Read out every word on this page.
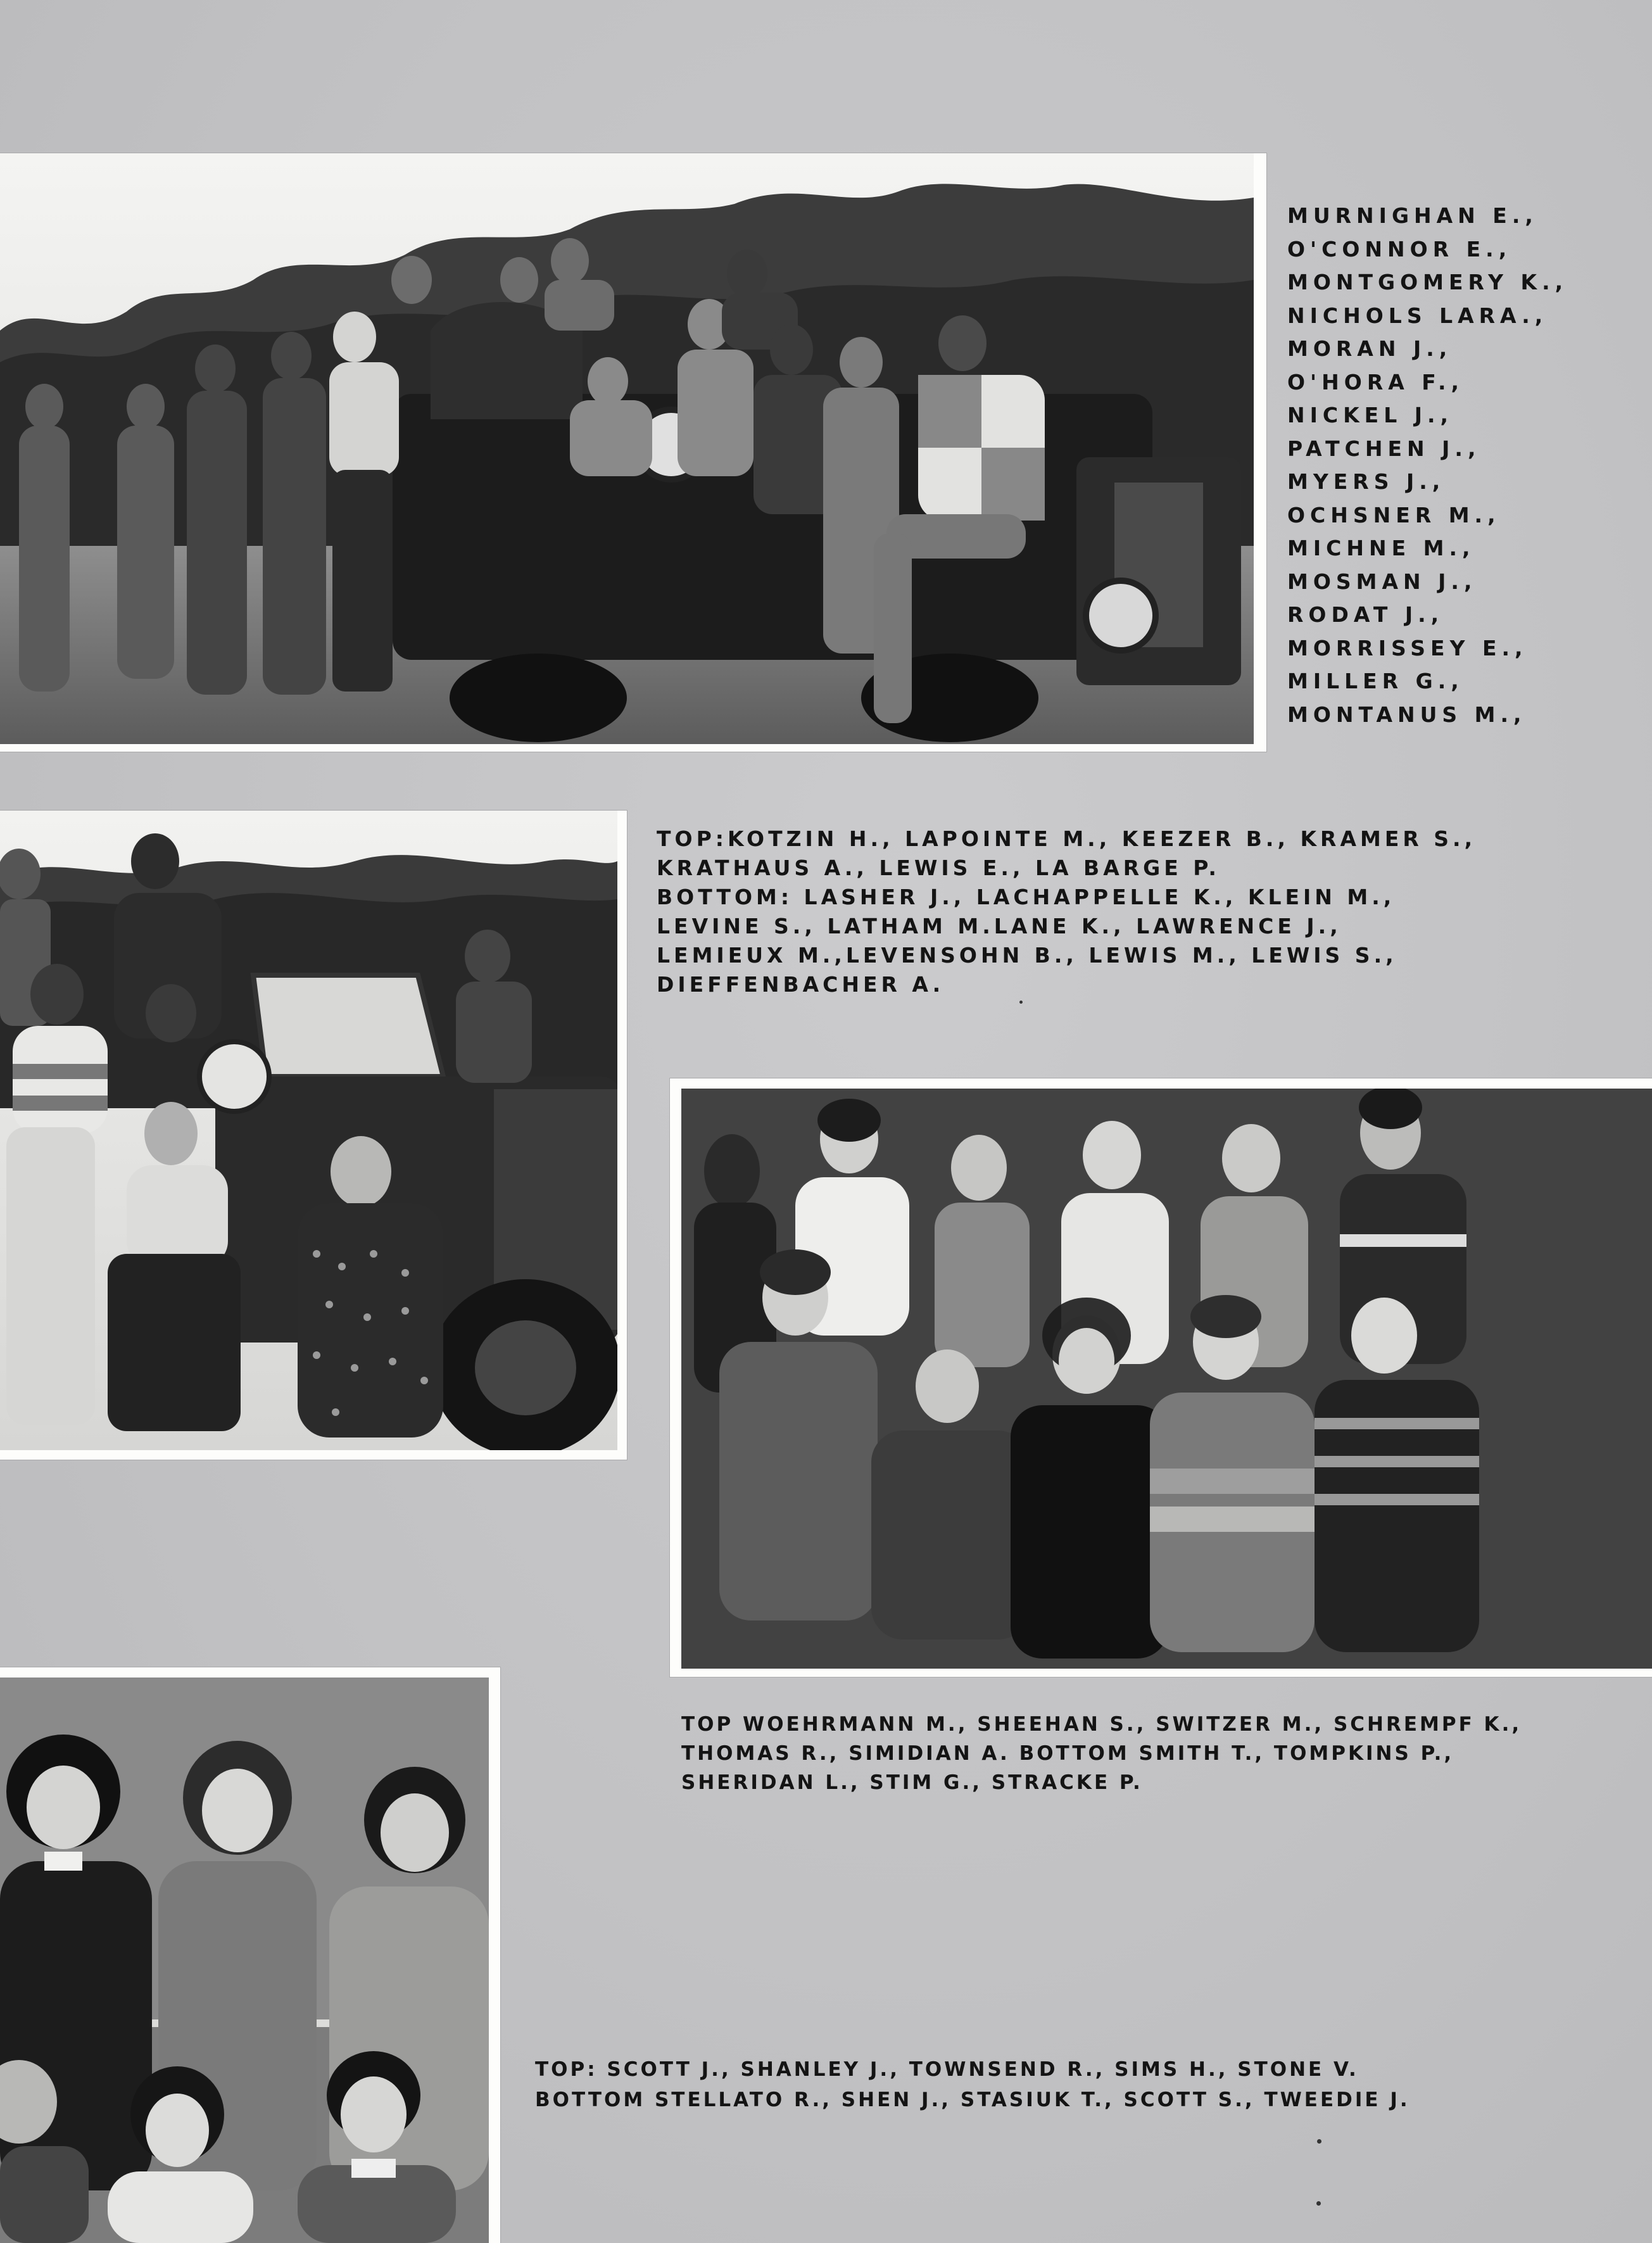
MURNIGHAN E.,
O'CONNOR E.,
MONTGOMERY K.,
NICHOLS LARA.,
MORAN J.,
O'HORA F.,
NICKEL J.,
PATCHEN J.,
MYERS J.,
OCHSNER M.,
MICHNE M.,
MOSMAN J.,
RODAT J.,
MORRISSEY E.,
MILLER G.,
MONTANUS M.,
TOP:KOTZIN H., LAPOINTE M., KEEZER B., KRAMER S.,
KRATHAUS A., LEWIS E., LA BARGE P.
BOTTOM: LASHER J., LACHAPPELLE K., KLEIN M.,
LEVINE S., LATHAM M.LANE K., LAWRENCE J.,
LEMIEUX M.,LEVENSOHN B., LEWIS M., LEWIS S.,
DIEFFENBACHER A.
TOP WOEHRMANN M., SHEEHAN S., SWITZER M., SCHREMPF K.,
THOMAS R., SIMIDIAN A. BOTTOM SMITH T., TOMPKINS P.,
SHERIDAN L., STIM G., STRACKE P.
TOP: SCOTT J., SHANLEY J., TOWNSEND R., SIMS H., STONE V.
BOTTOM STELLATO R., SHEN J., STASIUK T., SCOTT S., TWEEDIE J.
